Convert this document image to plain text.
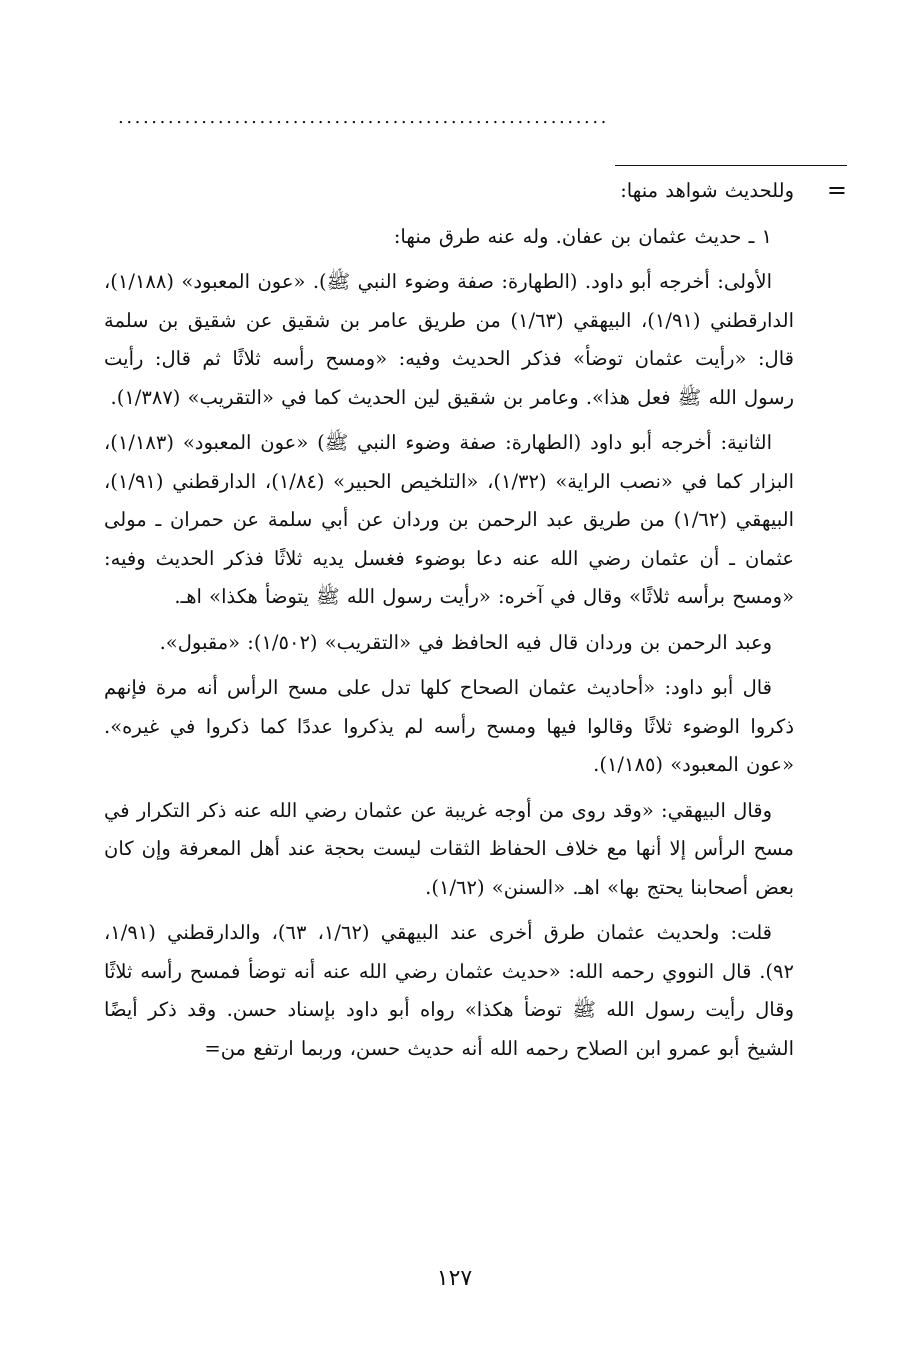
...........................................................
=

وللحديث شواهد منها:

١ ـ حديث عثمان بن عفان. وله عنه طرق منها:

الأولى: أخرجه أبو داود. (الطهارة: صفة وضوء النبي ﷺ). «عون المعبود» (١/١٨٨)، الدارقطني (١/٩١)، البيهقي (١/٦٣) من طريق عامر بن شقيق عن شقيق بن سلمة قال: «رأيت عثمان توضأ» فذكر الحديث وفيه: «ومسح رأسه ثلاثًا ثم قال: رأيت رسول الله ﷺ فعل هذا». وعامر بن شقيق لين الحديث كما في «التقريب» (١/٣٨٧).

الثانية: أخرجه أبو داود (الطهارة: صفة وضوء النبي ﷺ) «عون المعبود» (١/١٨٣)، البزار كما في «نصب الراية» (١/٣٢)، «التلخيص الحبير» (١/٨٤)، الدارقطني (١/٩١)، البيهقي (١/٦٢) من طريق عبد الرحمن بن وردان عن أبي سلمة عن حمران ـ مولى عثمان ـ أن عثمان رضي الله عنه دعا بوضوء فغسل يديه ثلاثًا فذكر الحديث وفيه: «ومسح برأسه ثلاثًا» وقال في آخره: «رأيت رسول الله ﷺ يتوضأ هكذا» اهـ.

وعبد الرحمن بن وردان قال فيه الحافظ في «التقريب» (١/٥٠٢): «مقبول».

قال أبو داود: «أحاديث عثمان الصحاح كلها تدل على مسح الرأس أنه مرة فإنهم ذكروا الوضوء ثلاثًا وقالوا فيها ومسح رأسه لم يذكروا عددًا كما ذكروا في غيره». «عون المعبود» (١/١٨٥).

وقال البيهقي: «وقد روى من أوجه غريبة عن عثمان رضي الله عنه ذكر التكرار في مسح الرأس إلا أنها مع خلاف الحفاظ الثقات ليست بحجة عند أهل المعرفة وإن كان بعض أصحابنا يحتج بها» اهـ. «السنن» (١/٦٢).

قلت: ولحديث عثمان طرق أخرى عند البيهقي (١/٦٢، ٦٣)، والدارقطني (١/٩١، ٩٢). قال النووي رحمه الله: «حديث عثمان رضي الله عنه أنه توضأ فمسح رأسه ثلاثًا وقال رأيت رسول الله ﷺ توضأ هكذا» رواه أبو داود بإسناد حسن. وقد ذكر أيضًا الشيخ أبو عمرو ابن الصلاح رحمه الله أنه حديث حسن، وربما ارتفع من=

١٢٧
